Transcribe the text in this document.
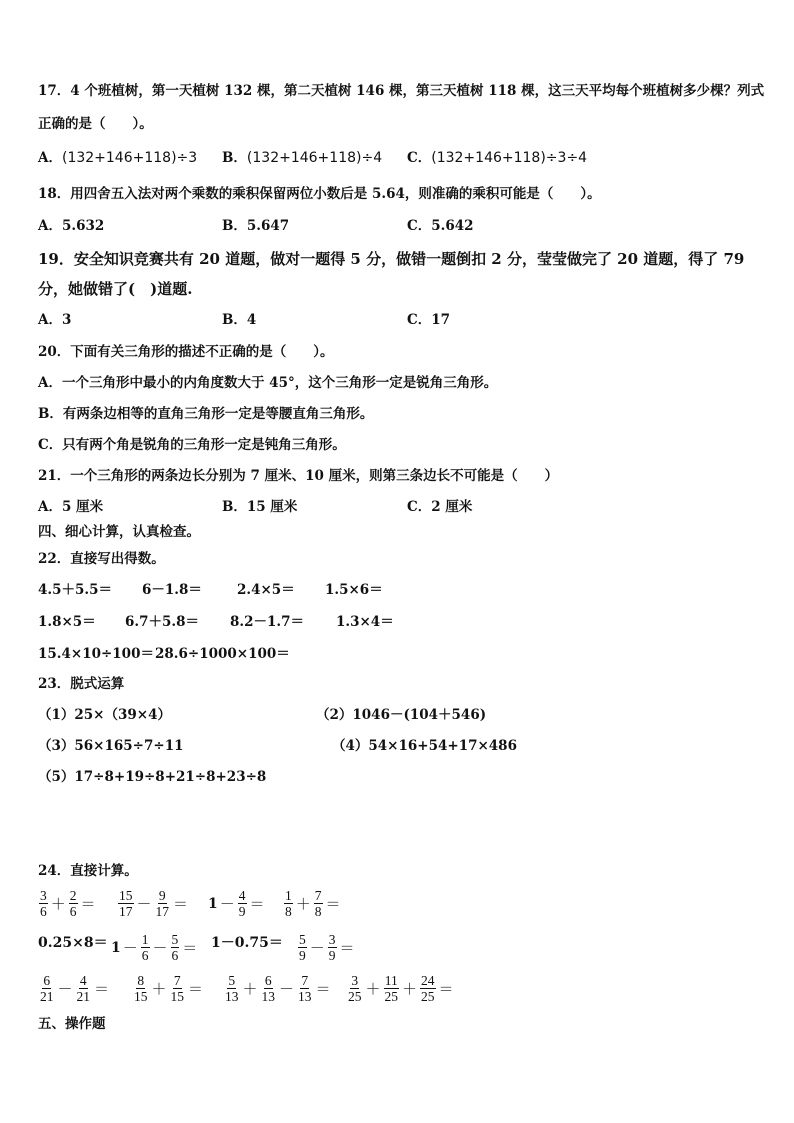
17．4 个班植树，第一天植树 132 棵，第二天植树 146 棵，第三天植树 118 棵，这三天平均每个班植树多少棵？列式
正确的是（　　）。
A．(132+146+118)÷3 B．(132+146+118)÷4 C．(132+146+118)÷3÷4
18．用四舍五入法对两个乘数的乘积保留两位小数后是 5.64，则准确的乘积可能是（　　）。
A．5.632	B．5.647	C．5.642
19．安全知识竞赛共有 20 道题，做对一题得 5 分，做错一题倒扣 2 分，莹莹做完了 20 道题，得了 79
分，她做错了(　)道题.
A．3	B．4	C．17
20．下面有关三角形的描述不正确的是（　　）。
A．一个三角形中最小的内角度数大于 45°，这个三角形一定是锐角三角形。
B．有两条边相等的直角三角形一定是等腰直角三角形。
C．只有两个角是锐角的三角形一定是钝角三角形。
21．一个三角形的两条边长分别为 7 厘米、10 厘米，则第三条边长不可能是（　　）
A．5 厘米	B．15 厘米	C．2 厘米
四、细心计算，认真检查。
22．直接写出得数。
4.5＋5.5＝ 6－1.8＝	2.4×5＝ 1.5×6＝
1.8×5＝ 6.7＋5.8＝ 8.2－1.7＝ 1.3×4＝
15.4×10÷100＝ 28.6÷1000×100＝
23．脱式运算
（1）25×（39×4）	（2）1046－(104＋546)
（3）56×165÷7÷11	（4）54×16+54+17×486
（5）17÷8+19÷8+21÷8+23÷8
24．直接计算。
$\frac{3}{6} + \frac{2}{6} = \frac{15}{17} - \frac{9}{17} = 1 - \frac{4}{9} = \frac{1}{8} + \frac{7}{8}$ ＝
$0.25\times 8= 1 - \frac{1}{6} - \frac{5}{6} = 1-0.75= \frac{5}{9} - \frac{3}{9}$ ＝
$\frac{6}{21} - \frac{4}{21} = \frac{8}{15} + \frac{7}{15} = \frac{5}{13} + \frac{6}{13} - \frac{7}{13} = \frac{3}{25} + \frac{11}{25} + \frac{24}{25}$ ＝
五、操作题
